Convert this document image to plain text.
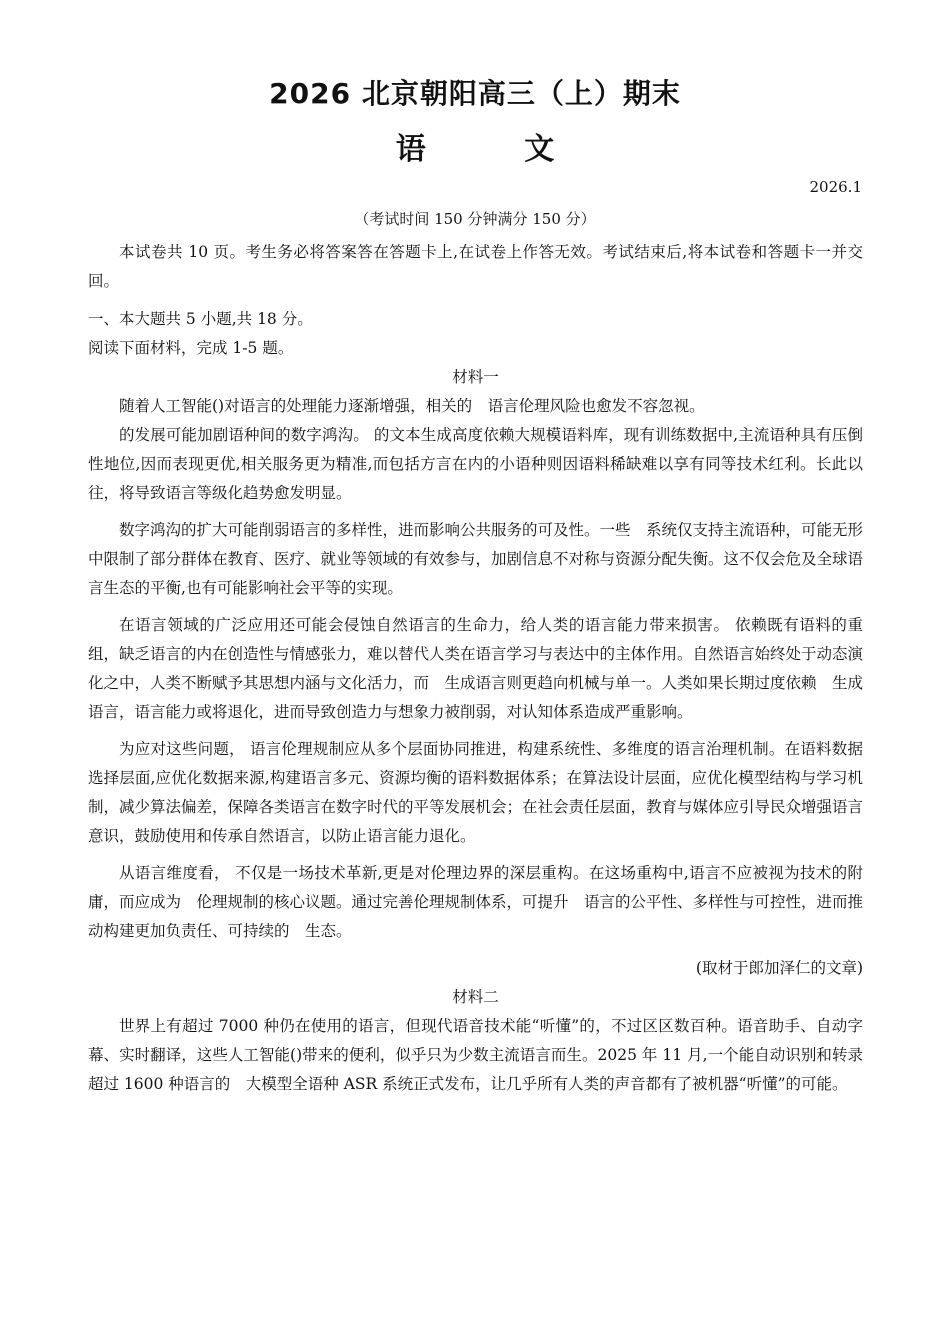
2026 北京朝阳高三（上）期末
语 文
2026.1
（考试时间 150 分钟满分 150 分）

本试卷共 10 页。考生务必将答案答在答题卡上,在试卷上作答无效。考试结束后,将本试卷和答题卡一并交回。

一、本大题共 5 小题,共 18 分。

阅读下面材料，完成 1-5 题。

材料一

随着人工智能()对语言的处理能力逐渐增强，相关的　语言伦理风险也愈发不容忽视。

的发展可能加剧语种间的数字鸿沟。 的文本生成高度依赖大规模语料库，现有训练数据中,主流语种具有压倒性地位,因而表现更优,相关服务更为精准,而包括方言在内的小语种则因语料稀缺难以享有同等技术红利。长此以往，将导致语言等级化趋势愈发明显。

数字鸿沟的扩大可能削弱语言的多样性，进而影响公共服务的可及性。一些　系统仅支持主流语种，可能无形中限制了部分群体在教育、医疗、就业等领域的有效参与，加剧信息不对称与资源分配失衡。这不仅会危及全球语言生态的平衡,也有可能影响社会平等的实现。

在语言领域的广泛应用还可能会侵蚀自然语言的生命力，给人类的语言能力带来损害。 依赖既有语料的重组，缺乏语言的内在创造性与情感张力，难以替代人类在语言学习与表达中的主体作用。自然语言始终处于动态演化之中，人类不断赋予其思想内涵与文化活力，而　生成语言则更趋向机械与单一。人类如果长期过度依赖　生成语言，语言能力或将退化，进而导致创造力与想象力被削弱，对认知体系造成严重影响。

为应对这些问题， 语言伦理规制应从多个层面协同推进，构建系统性、多维度的语言治理机制。在语料数据选择层面,应优化数据来源,构建语言多元、资源均衡的语料数据体系；在算法设计层面，应优化模型结构与学习机制，减少算法偏差，保障各类语言在数字时代的平等发展机会；在社会责任层面，教育与媒体应引导民众增强语言意识，鼓励使用和传承自然语言，以防止语言能力退化。

从语言维度看， 不仅是一场技术革新,更是对伦理边界的深层重构。在这场重构中,语言不应被视为技术的附庸，而应成为　伦理规制的核心议题。通过完善伦理规制体系，可提升　语言的公平性、多样性与可控性，进而推动构建更加负责任、可持续的　生态。

(取材于郎加泽仁的文章)

材料二

世界上有超过 7000 种仍在使用的语言，但现代语音技术能“听懂”的，不过区区数百种。语音助手、自动字幕、实时翻译，这些人工智能()带来的便利，似乎只为少数主流语言而生。2025 年 11 月,一个能自动识别和转录超过 1600 种语言的　大模型全语种 ASR 系统正式发布，让几乎所有人类的声音都有了被机器“听懂”的可能。
